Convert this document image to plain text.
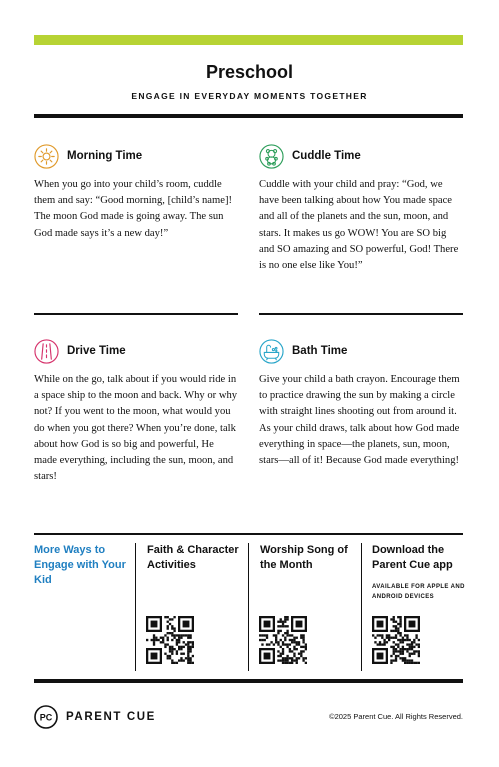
Preschool
ENGAGE IN EVERYDAY MOMENTS TOGETHER
Morning Time
When you go into your child’s room, cuddle them and say: “Good morning, [child’s name]! The moon God made is going away. The sun God made says it’s a new day!”
Cuddle Time
Cuddle with your child and pray: “God, we have been talking about how You made space and all of the planets and the sun, moon, and stars. It makes us go WOW! You are SO big and SO amazing and SO powerful, God! There is no one else like You!”
Drive Time
While on the go, talk about if you would ride in a space ship to the moon and back. Why or why not? If you went to the moon, what would you do when you got there? When you’re done, talk about how God is so big and powerful, He made everything, including the sun, moon, and stars!
Bath Time
Give your child a bath crayon. Encourage them to practice drawing the sun by making a circle with straight lines shooting out from around it. As your child draws, talk about how God made everything in space—the planets, sun, moon, stars—all of it! Because God made everything!
More Ways to Engage with Your Kid
Faith & Character Activities
Worship Song of the Month
Download the Parent Cue app
AVAILABLE FOR APPLE AND ANDROID DEVICES
PC PARENT CUE	©2025 Parent Cue. All Rights Reserved.
